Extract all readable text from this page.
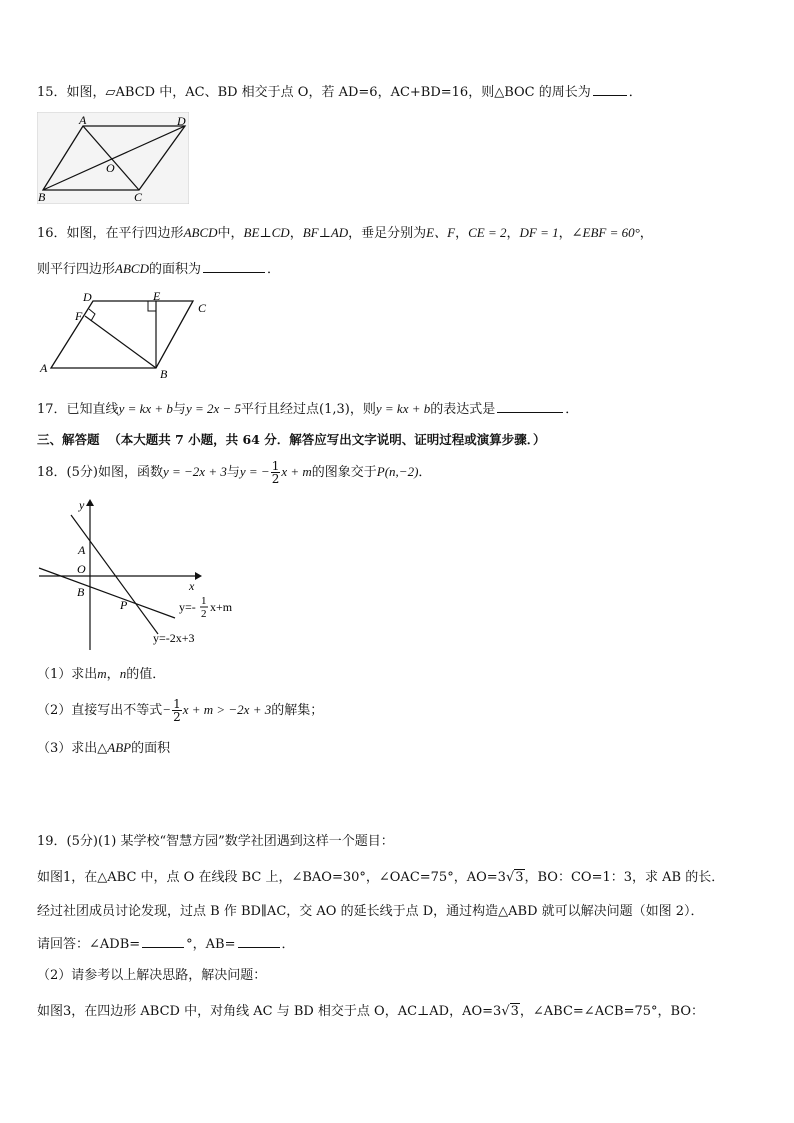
15．如图，▱ABCD 中，AC、BD 相交于点 O，若 AD=6，AC+BD=16，则△BOC 的周长为	．
A	D
B	C
O
16．如图，在平行四边形ABCD中，BE⊥CD，BF⊥AD，垂足分别为E、F，CE = 2，DF = 1，∠EBF = 60°，
则平行四边形ABCD的面积为	．
D	E
C
F
A	B
17．已知直线y = kx + b与y = 2x − 5平行且经过点(1,3)，则y = kx + b的表达式是	．
三、解答题 （本大题共 7 小题，共 64 分．解答应写出文字说明、证明过程或演算步骤．）
18．(5分)如图，函数y = −2x + 3与y = − $\frac{1}{2}$ x + m的图象交于P(n,−2)．
y
x
A
O
B
P	y=- 1
2 x+m
y=-2x+3
（1）求出m，n的值．
（2）直接写出不等式− $\frac{1}{2}$ x + m > −2x + 3的解集；
（3）求出△ABP的面积
19．(5分)(1) 某学校“智慧方园”数学社团遇到这样一个题目：
如图1，在△ABC 中，点 O 在线段 BC 上，∠BAO=30°，∠OAC=75°，AO=3√3，BO：CO=1：3，求 AB 的长．
经过社团成员讨论发现，过点 B 作 BD∥AC，交 AO 的延长线于点 D，通过构造△ABD 就可以解决问题（如图 2）．
请回答：∠ADB=	°，AB=	．
（2）请参考以上解决思路，解决问题：
如图3，在四边形 ABCD 中，对角线 AC 与 BD 相交于点 O，AC⊥AD，AO=3√3，∠ABC=∠ACB=75°，BO：
